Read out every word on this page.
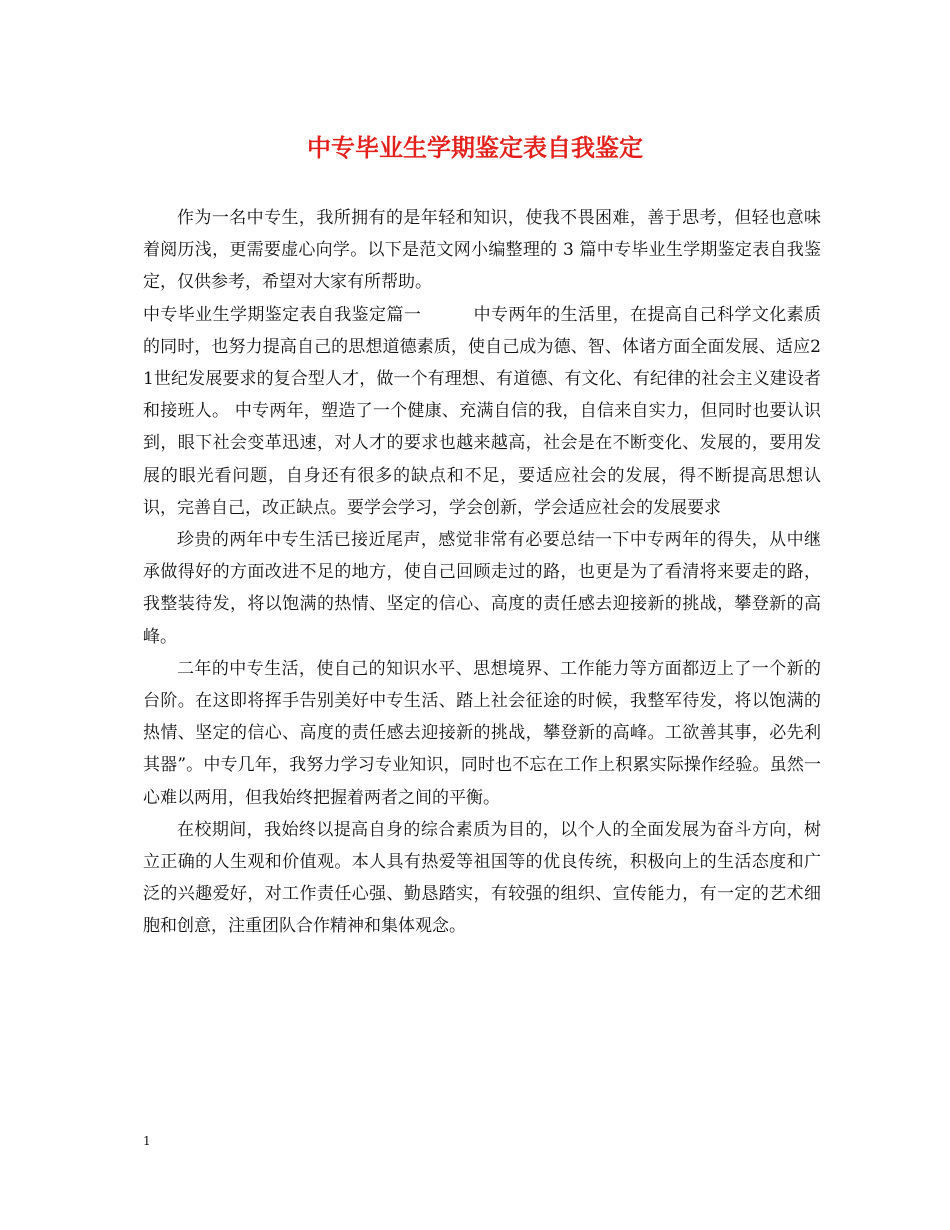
中专毕业生学期鉴定表自我鉴定

作为一名中专生，我所拥有的是年轻和知识，使我不畏困难，善于思考，但轻也意味着阅历浅，更需要虚心向学。以下是范文网小编整理的 3 篇中专毕业生学期鉴定表自我鉴定，仅供参考，希望对大家有所帮助。

中专毕业生学期鉴定表自我鉴定篇一	中专两年的生活里，在提高自己科学文化素质的同时，也努力提高自己的思想道德素质，使自己成为德、智、体诸方面全面发展、适应21世纪发展要求的复合型人才，做一个有理想、有道德、有文化、有纪律的社会主义建设者和接班人。 中专两年，塑造了一个健康、充满自信的我，自信来自实力，但同时也要认识到，眼下社会变革迅速，对人才的要求也越来越高，社会是在不断变化、发展的，要用发展的眼光看问题，自身还有很多的缺点和不足，要适应社会的发展，得不断提高思想认识，完善自己，改正缺点。要学会学习，学会创新，学会适应社会的发展要求

珍贵的两年中专生活已接近尾声，感觉非常有必要总结一下中专两年的得失，从中继承做得好的方面改进不足的地方，使自己回顾走过的路，也更是为了看清将来要走的路，我整装待发，将以饱满的热情、坚定的信心、高度的责任感去迎接新的挑战，攀登新的高峰。

二年的中专生活，使自己的知识水平、思想境界、工作能力等方面都迈上了一个新的台阶。在这即将挥手告别美好中专生活、踏上社会征途的时候，我整军待发，将以饱满的热情、坚定的信心、高度的责任感去迎接新的挑战，攀登新的高峰。工欲善其事，必先利其器”。中专几年，我努力学习专业知识，同时也不忘在工作上积累实际操作经验。虽然一心难以两用，但我始终把握着两者之间的平衡。

在校期间，我始终以提高自身的综合素质为目的，以个人的全面发展为奋斗方向，树立正确的人生观和价值观。本人具有热爱等祖国等的优良传统，积极向上的生活态度和广泛的兴趣爱好，对工作责任心强、勤恳踏实，有较强的组织、宣传能力，有一定的艺术细胞和创意，注重团队合作精神和集体观念。

1
